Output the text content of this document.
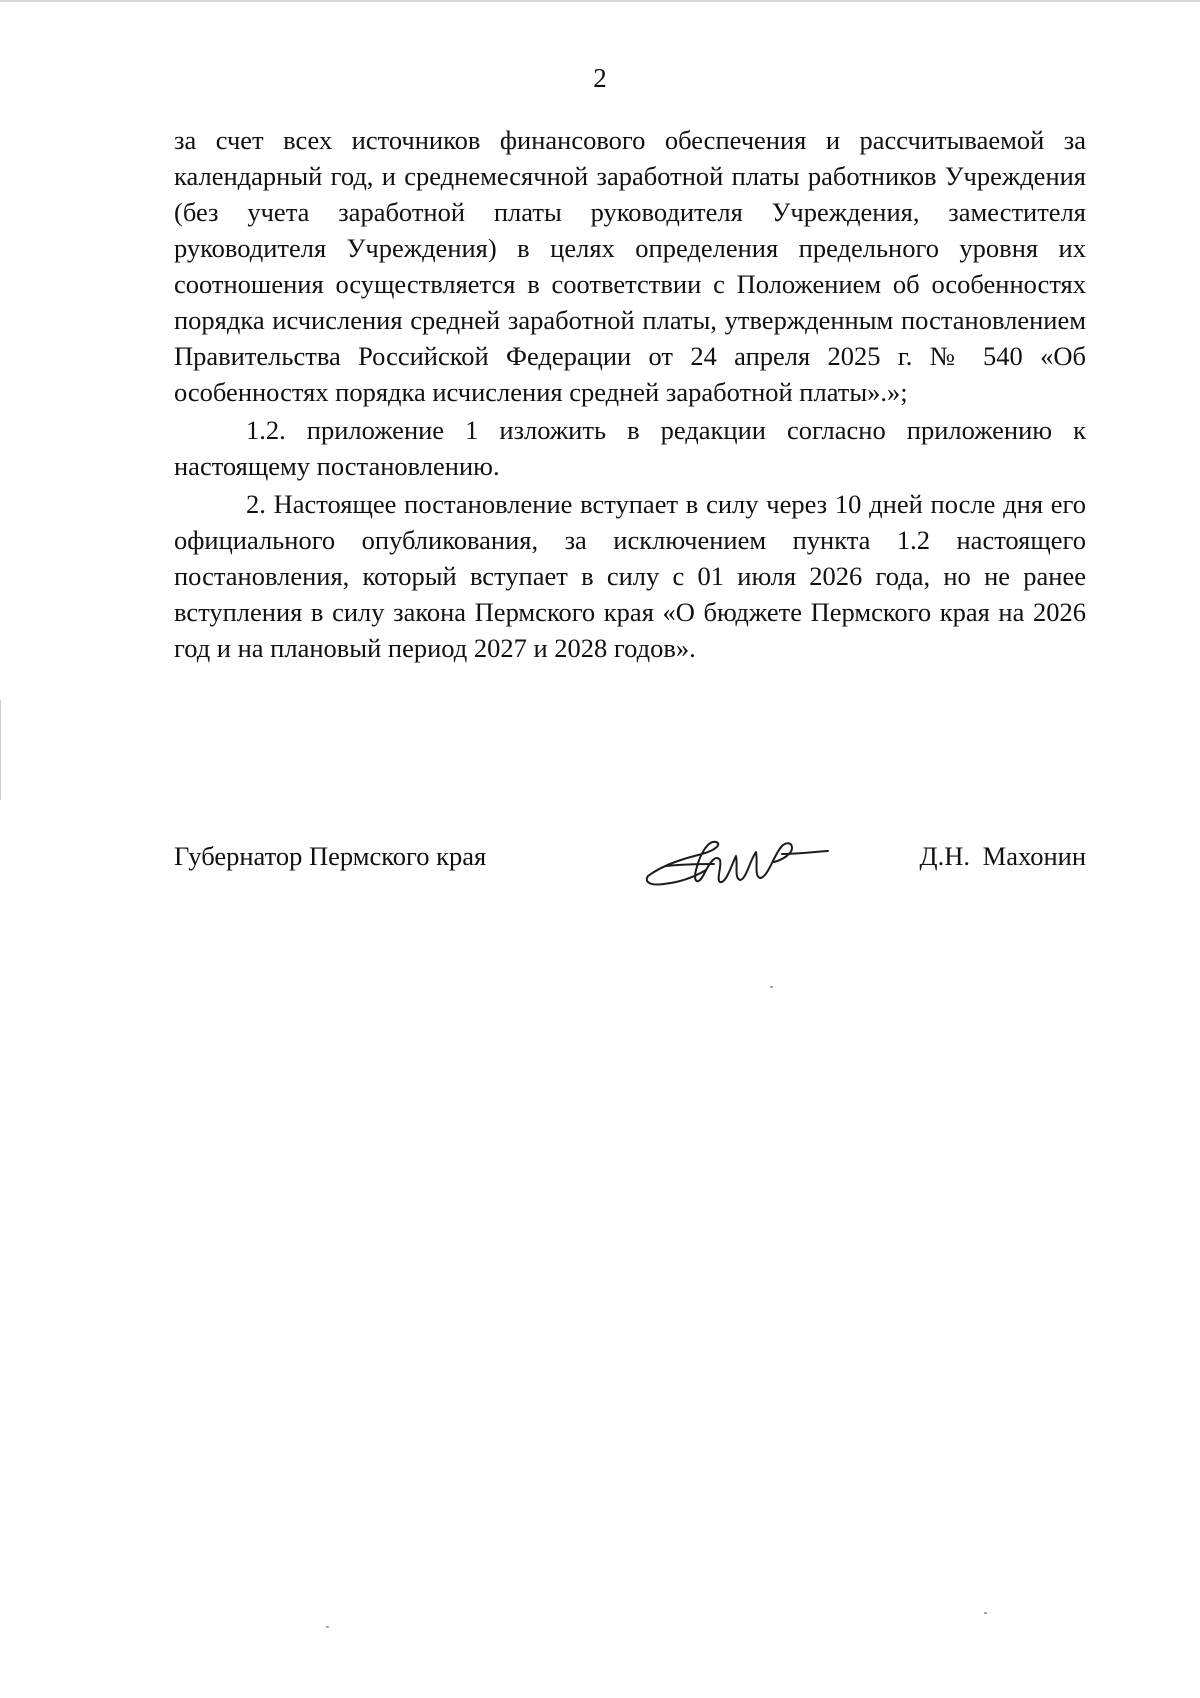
2

за счет всех источников финансового обеспечения и рассчитываемой за календарный год, и среднемесячной заработной платы работников Учреждения (без учета заработной платы руководителя Учреждения, заместителя руководителя Учреждения) в целях определения предельного уровня их соотношения осуществляется в соответствии с Положением об особенностях порядка исчисления средней заработной платы, утвержденным постановлением Правительства Российской Федерации от 24 апреля 2025 г. № 540 «Об особенностях порядка исчисления средней заработной платы».»;

1.2. приложение 1 изложить в редакции согласно приложению к настоящему постановлению.

2. Настоящее постановление вступает в силу через 10 дней после дня его официального опубликования, за исключением пункта 1.2 настоящего постановления, который вступает в силу с 01 июля 2026 года, но не ранее вступления в силу закона Пермского края «О бюджете Пермского края на 2026 год и на плановый период 2027 и 2028 годов».

Губернатор Пермского края	Д.Н. Махонин
